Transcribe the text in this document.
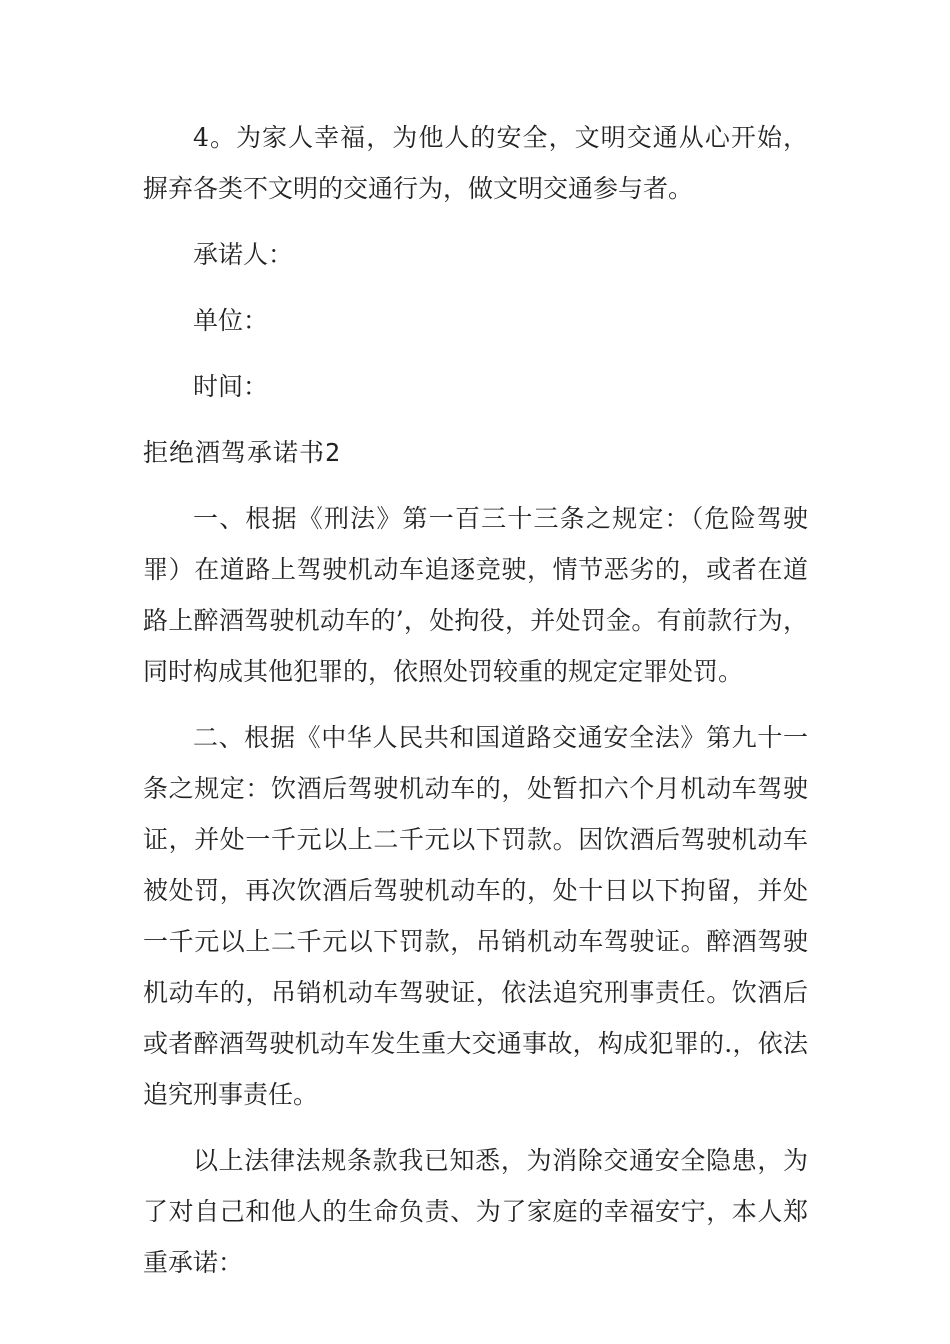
4。为家人幸福，为他人的安全，文明交通从心开始，摒弃各类不文明的交通行为，做文明交通参与者。

承诺人：

单位：

时间：

拒绝酒驾承诺书2

一、根据《刑法》第一百三十三条之规定：（危险驾驶罪）在道路上驾驶机动车追逐竞驶，情节恶劣的，或者在道路上醉酒驾驶机动车的’，处拘役，并处罚金。有前款行为，同时构成其他犯罪的，依照处罚较重的规定定罪处罚。

二、根据《中华人民共和国道路交通安全法》第九十一条之规定：饮酒后驾驶机动车的，处暂扣六个月机动车驾驶证，并处一千元以上二千元以下罚款。因饮酒后驾驶机动车被处罚，再次饮酒后驾驶机动车的，处十日以下拘留，并处一千元以上二千元以下罚款，吊销机动车驾驶证。醉酒驾驶机动车的，吊销机动车驾驶证，依法追究刑事责任。饮酒后或者醉酒驾驶机动车发生重大交通事故，构成犯罪的.，依法追究刑事责任。

以上法律法规条款我已知悉，为消除交通安全隐患，为了对自己和他人的生命负责、为了家庭的幸福安宁，本人郑重承诺：
